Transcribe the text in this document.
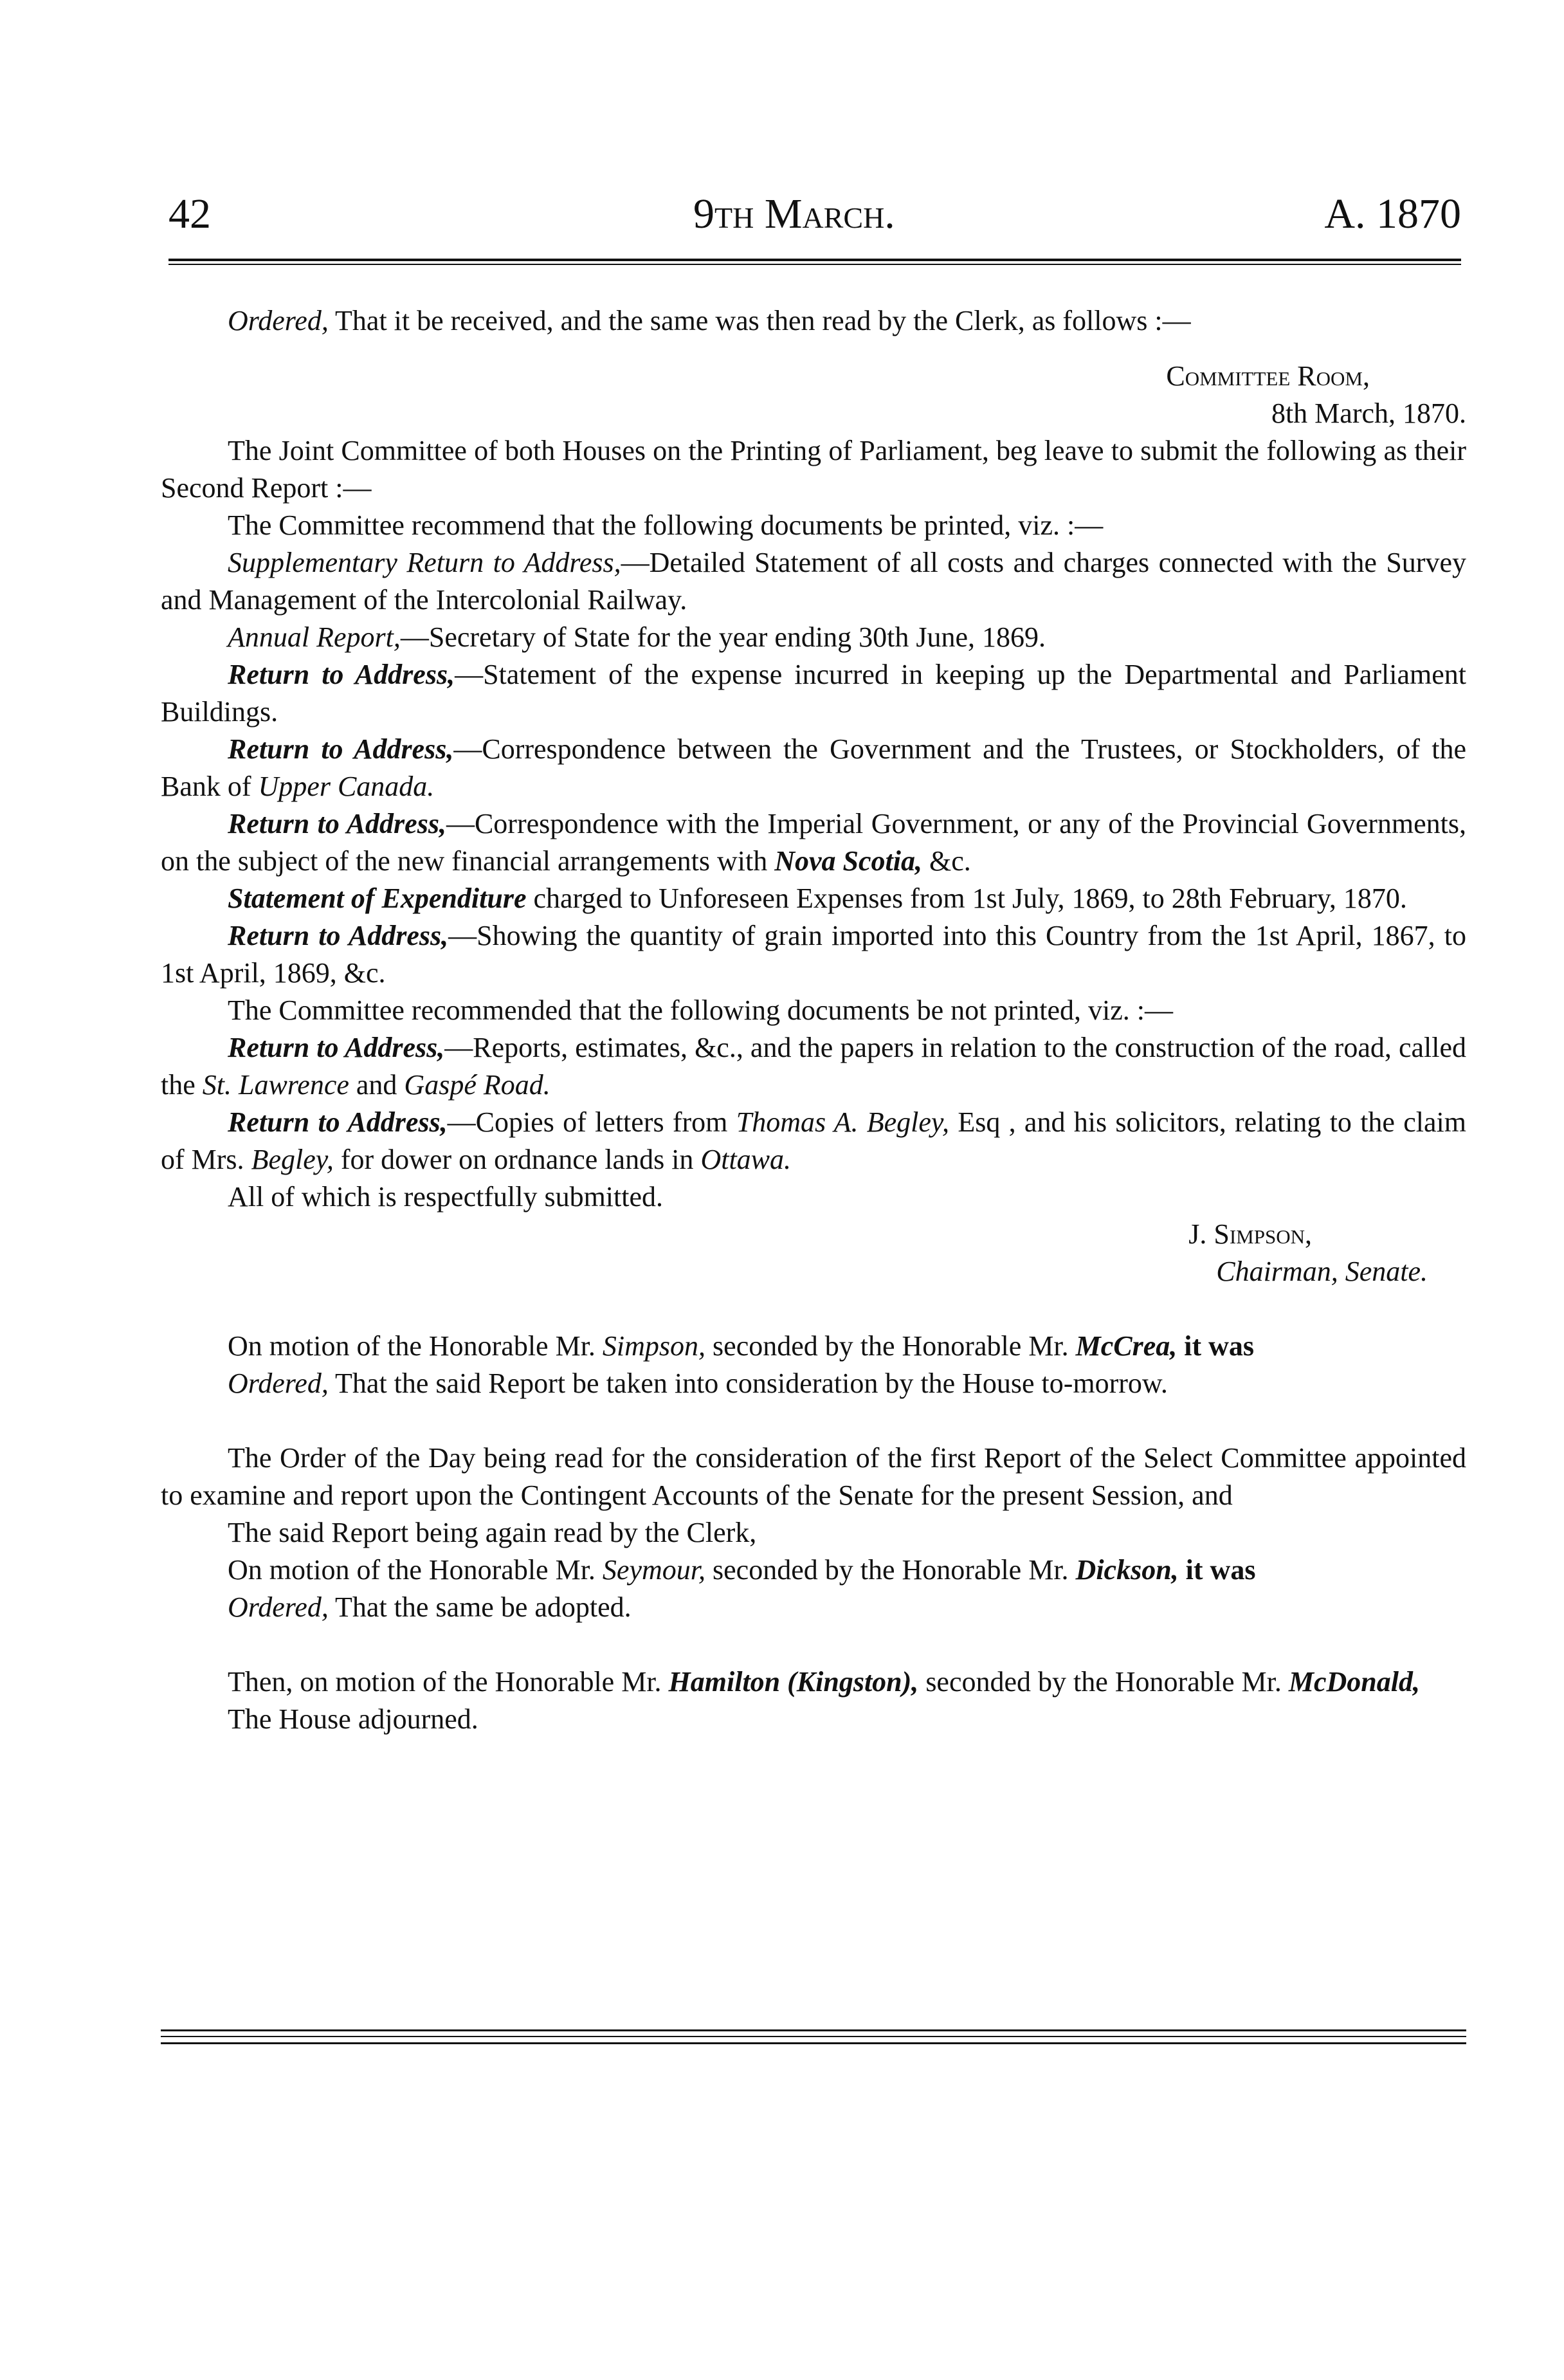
42	9th March.	A. 1870

Ordered, That it be received, and the same was then read by the Clerk, as follows :—

Committee Room,

8th March, 1870.

The Joint Committee of both Houses on the Printing of Parliament, beg leave to submit the following as their Second Report :—

The Committee recommend that the following documents be printed, viz. :—

Supplementary Return to Address,—Detailed Statement of all costs and charges connected with the Survey and Management of the Intercolonial Railway.

Annual Report,—Secretary of State for the year ending 30th June, 1869.

Return to Address,—Statement of the expense incurred in keeping up the Departmental and Parliament Buildings.

Return to Address,—Correspondence between the Government and the Trustees, or Stockholders, of the Bank of Upper Canada.

Return to Address,—Correspondence with the Imperial Government, or any of the Provincial Governments, on the subject of the new financial arrangements with Nova Scotia, &c.

Statement of Expenditure charged to Unforeseen Expenses from 1st July, 1869, to 28th February, 1870.

Return to Address,—Showing the quantity of grain imported into this Country from the 1st April, 1867, to 1st April, 1869, &c.

The Committee recommended that the following documents be not printed, viz. :—

Return to Address,—Reports, estimates, &c., and the papers in relation to the construction of the road, called the St. Lawrence and Gaspé Road.

Return to Address,—Copies of letters from Thomas A. Begley, Esq , and his solicitors, relating to the claim of Mrs. Begley, for dower on ordnance lands in Ottawa.

All of which is respectfully submitted.

J. Simpson,

Chairman, Senate.

On motion of the Honorable Mr. Simpson, seconded by the Honorable Mr. McCrea, it was

Ordered, That the said Report be taken into consideration by the House to-morrow.

The Order of the Day being read for the consideration of the first Report of the Select Committee appointed to examine and report upon the Contingent Accounts of the Senate for the present Session, and

The said Report being again read by the Clerk,

On motion of the Honorable Mr. Seymour, seconded by the Honorable Mr. Dickson, it was

Ordered, That the same be adopted.

Then, on motion of the Honorable Mr. Hamilton (Kingston), seconded by the Honorable Mr. McDonald,

The House adjourned.
